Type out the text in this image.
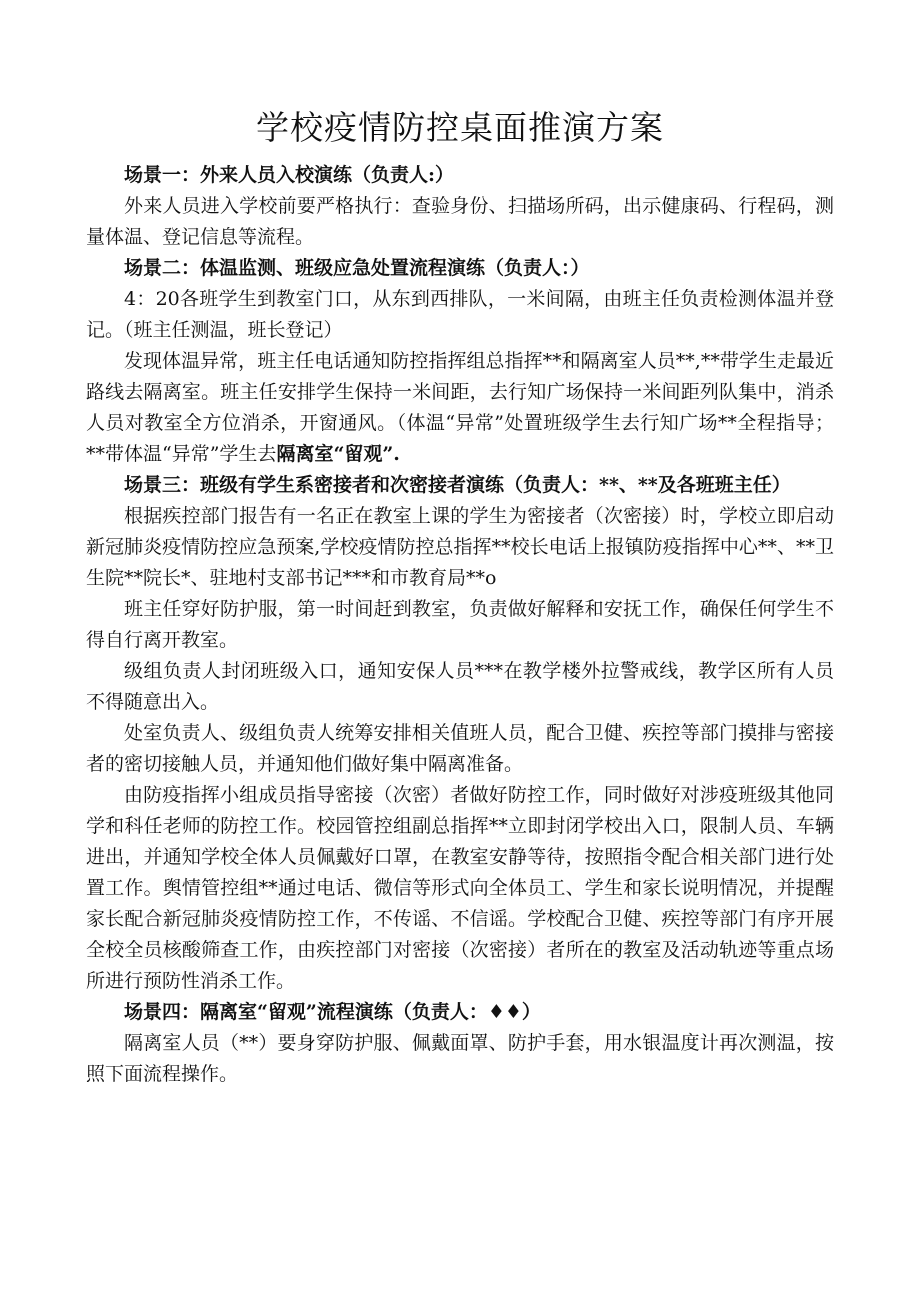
学校疫情防控桌面推演方案

场景一：外来人员入校演练（负责人:）

外来人员进入学校前要严格执行：查验身份、扫描场所码，出示健康码、行程码，测量体温、登记信息等流程。

场景二：体温监测、班级应急处置流程演练（负责人：）

4：20各班学生到教室门口，从东到西排队，一米间隔，由班主任负责检测体温并登记。（班主任测温，班长登记）

发现体温异常，班主任电话通知防控指挥组总指挥**和隔离室人员**,**带学生走最近路线去隔离室。班主任安排学生保持一米间距，去行知广场保持一米间距列队集中，消杀人员对教室全方位消杀，开窗通风。（体温“异常”处置班级学生去行知广场**全程指导；**带体温“异常”学生去隔离室“留观”.

场景三：班级有学生系密接者和次密接者演练（负责人：**、**及各班班主任）

根据疾控部门报告有一名正在教室上课的学生为密接者（次密接）时，学校立即启动新冠肺炎疫情防控应急预案,学校疫情防控总指挥**校长电话上报镇防疫指挥中心**、**卫生院**院长*、驻地村支部书记***和市教育局**o

班主任穿好防护服，第一时间赶到教室，负责做好解释和安抚工作，确保任何学生不得自行离开教室。

级组负责人封闭班级入口，通知安保人员***在教学楼外拉警戒线，教学区所有人员不得随意出入。

处室负责人、级组负责人统筹安排相关值班人员，配合卫健、疾控等部门摸排与密接者的密切接触人员，并通知他们做好集中隔离准备。

由防疫指挥小组成员指导密接（次密）者做好防控工作，同时做好对涉疫班级其他同学和科任老师的防控工作。校园管控组副总指挥**立即封闭学校出入口，限制人员、车辆进出，并通知学校全体人员佩戴好口罩，在教室安静等待，按照指令配合相关部门进行处置工作。舆情管控组**通过电话、微信等形式向全体员工、学生和家长说明情况，并提醒家长配合新冠肺炎疫情防控工作，不传谣、不信谣。学校配合卫健、疾控等部门有序开展全校全员核酸筛查工作，由疾控部门对密接（次密接）者所在的教室及活动轨迹等重点场所进行预防性消杀工作。

场景四：隔离室“留观”流程演练（负责人：♦♦）

隔离室人员（**）要身穿防护服、佩戴面罩、防护手套，用水银温度计再次测温，按照下面流程操作。
